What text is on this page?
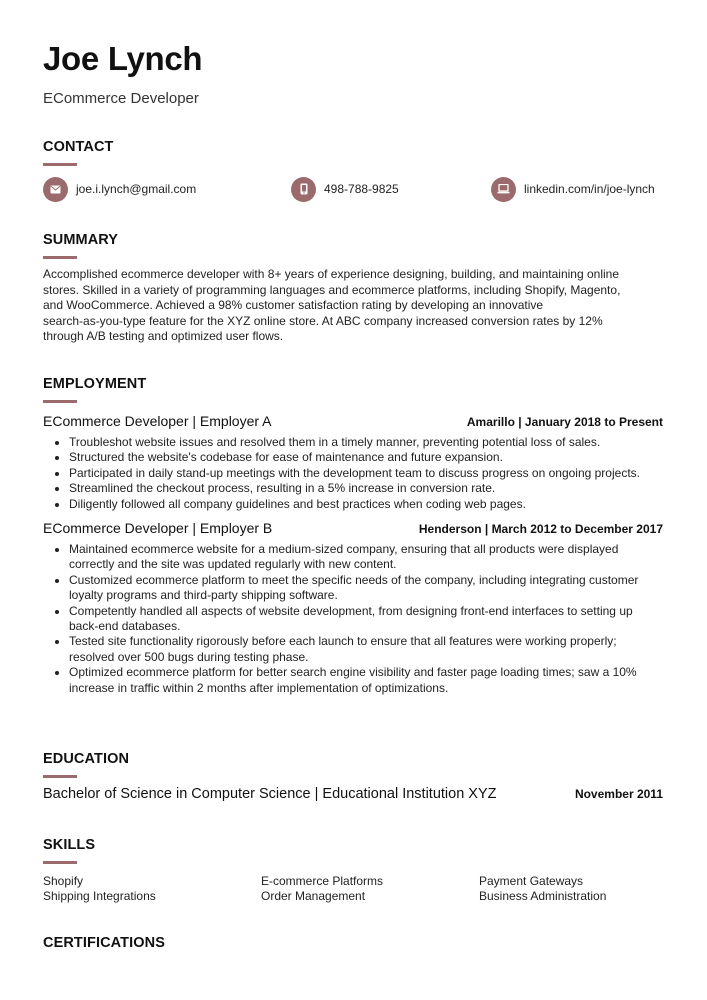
Joe Lynch
ECommerce Developer
CONTACT
joe.i.lynch@gmail.com	498-788-9825	linkedin.com/in/joe-lynch
SUMMARY
Accomplished ecommerce developer with 8+ years of experience designing, building, and maintaining online
stores. Skilled in a variety of programming languages and ecommerce platforms, including Shopify, Magento,
and WooCommerce. Achieved a 98% customer satisfaction rating by developing an innovative
search-as-you-type feature for the XYZ online store. At ABC company increased conversion rates by 12%
through A/B testing and optimized user flows.
EMPLOYMENT
ECommerce Developer | Employer A	Amarillo | January 2018 to Present
• Troubleshot website issues and resolved them in a timely manner, preventing potential loss of sales.
• Structured the website's codebase for ease of maintenance and future expansion.
• Participated in daily stand-up meetings with the development team to discuss progress on ongoing projects.
• Streamlined the checkout process, resulting in a 5% increase in conversion rate.
• Diligently followed all company guidelines and best practices when coding web pages.
ECommerce Developer | Employer B	Henderson | March 2012 to December 2017
• Maintained ecommerce website for a medium-sized company, ensuring that all products were displayed correctly and the site was updated regularly with new content.
• Customized ecommerce platform to meet the specific needs of the company, including integrating customer loyalty programs and third-party shipping software.
• Competently handled all aspects of website development, from designing front-end interfaces to setting up back-end databases.
• Tested site functionality rigorously before each launch to ensure that all features were working properly; resolved over 500 bugs during testing phase.
• Optimized ecommerce platform for better search engine visibility and faster page loading times; saw a 10% increase in traffic within 2 months after implementation of optimizations.
EDUCATION
Bachelor of Science in Computer Science | Educational Institution XYZ	November 2011
SKILLS
Shopify	E-commerce Platforms	Payment Gateways
Shipping Integrations	Order Management	Business Administration
CERTIFICATIONS
